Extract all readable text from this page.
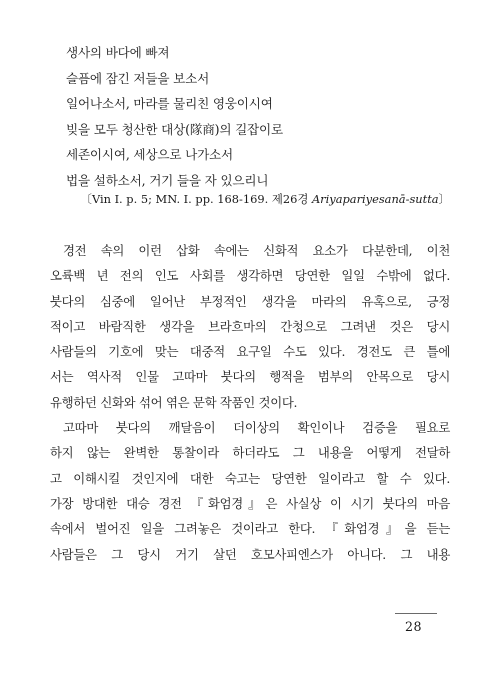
생사의 바다에 빠져
슬픔에 잠긴 저들을 보소서
일어나소서, 마라를 물리친 영웅이시여
빚을 모두 청산한 대상(隊商)의 길잡이로
세존이시여, 세상으로 나가소서
법을 설하소서, 거기 들을 자 있으리니
〔Vin I. p. 5; MN. I. pp. 168-169. 제26경 Ariyapariyesanā-sutta〕
경전 속의 이런 삽화 속에는 신화적 요소가 다분한데, 이천
오륙백 년 전의 인도 사회를 생각하면 당연한 일일 수밖에 없다.
붓다의 심중에 일어난 부정적인 생각을 마라의 유혹으로, 긍정
적이고 바람직한 생각을 브라흐마의 간청으로 그려낸 것은 당시
사람들의 기호에 맞는 대중적 요구일 수도 있다. 경전도 큰 틀에
서는 역사적 인물 고따마 붓다의 행적을 범부의 안목으로 당시
유행하던 신화와 섞어 엮은 문학 작품인 것이다.
고따마 붓다의 깨달음이 더이상의 확인이나 검증을 필요로
하지 않는 완벽한 통찰이라 하더라도 그 내용을 어떻게 전달하
고 이해시킬 것인지에 대한 숙고는 당연한 일이라고 할 수 있다.
가장 방대한 대승 경전 『화엄경』은 사실상 이 시기 붓다의 마음
속에서 벌어진 일을 그려놓은 것이라고 한다. 『화엄경』을 듣는
사람들은 그 당시 거기 살던 호모사피엔스가 아니다. 그 내용
28
